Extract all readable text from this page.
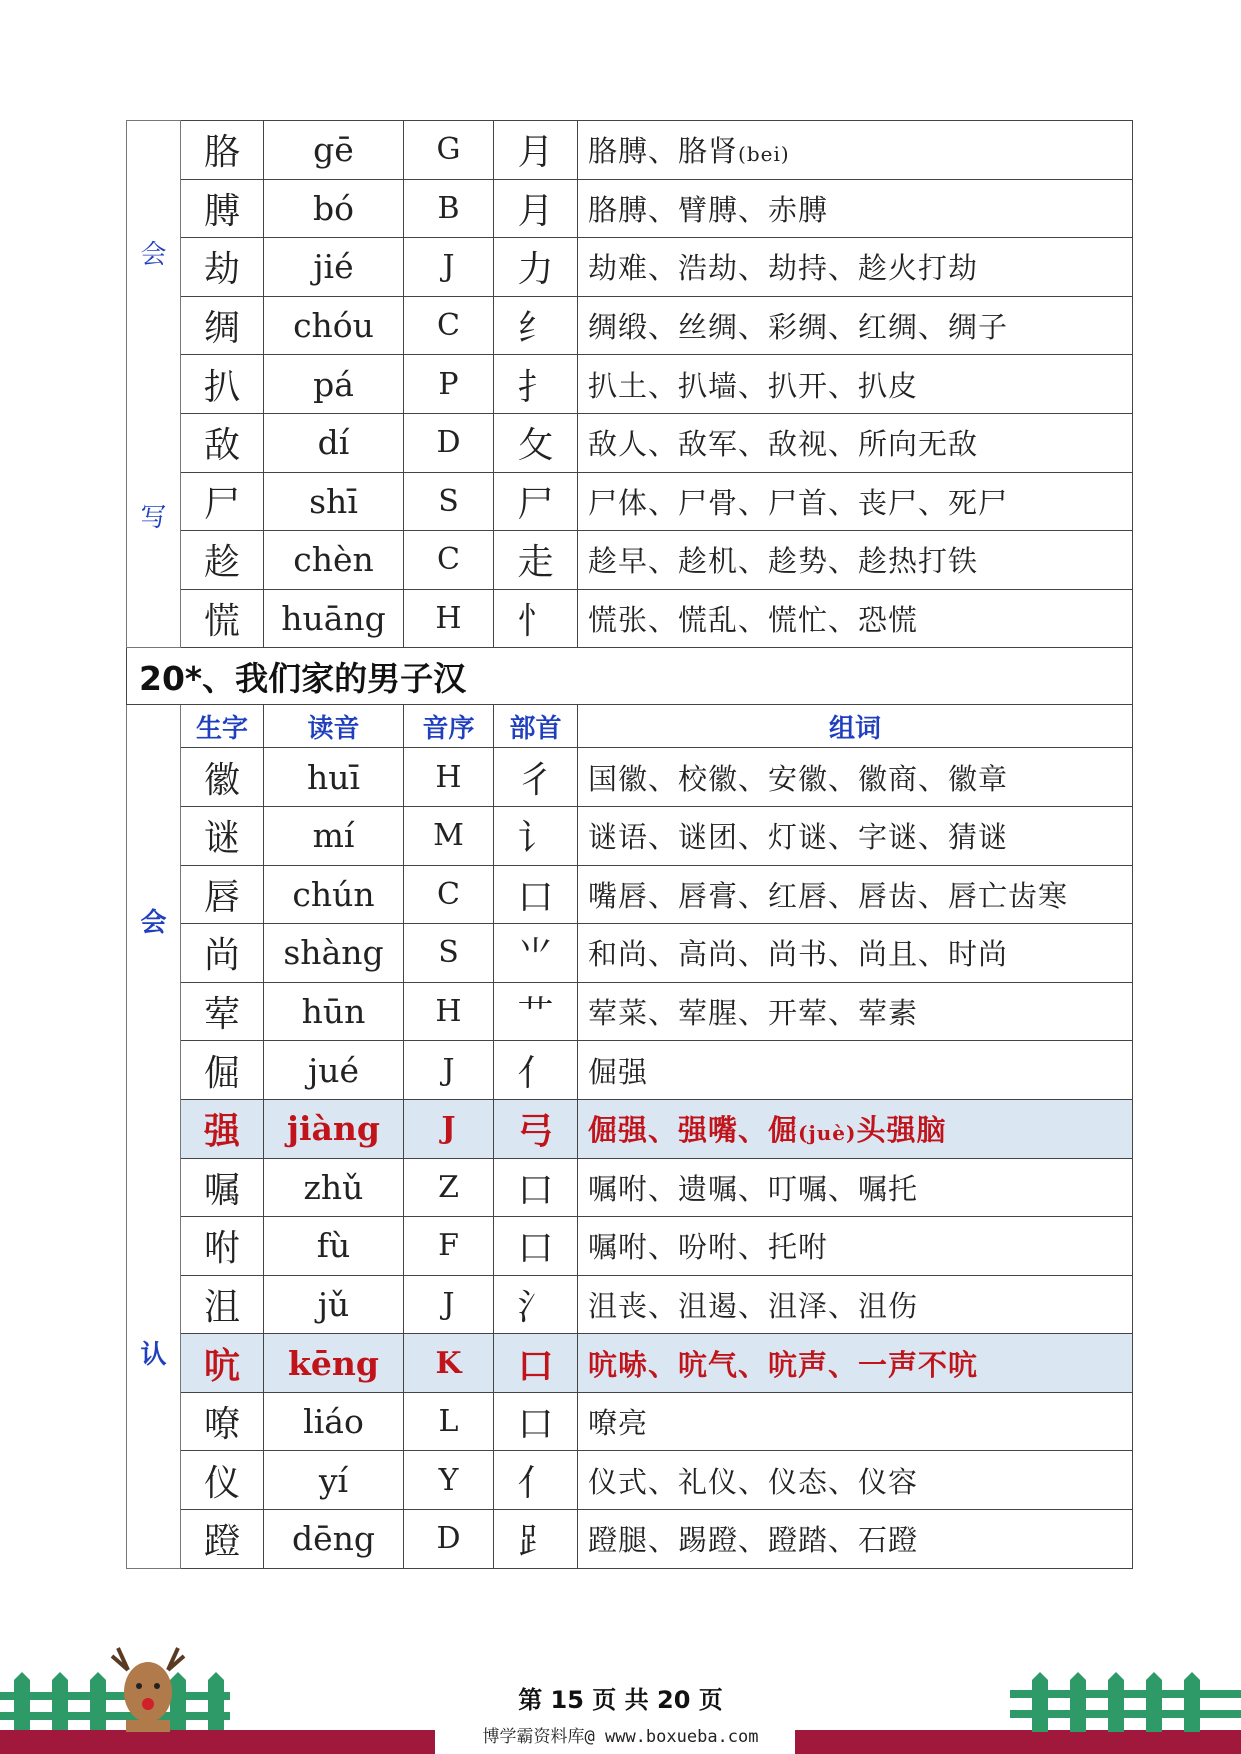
会
写	胳	gē	G	月	胳膊、胳肾(bei)
	膊	bó	B	月	胳膊、臂膊、赤膊
	劫	jié	J	力	劫难、浩劫、劫持、趁火打劫
	绸	chóu	C	纟	绸缎、丝绸、彩绸、红绸、绸子
	扒	pá	P	扌	扒土、扒墙、扒开、扒皮
	敌	dí	D	攵	敌人、敌军、敌视、所向无敌
	尸	shī	S	尸	尸体、尸骨、尸首、丧尸、死尸
	趁	chèn	C	走	趁早、趁机、趁势、趁热打铁
	慌	huāng	H	忄	慌张、慌乱、慌忙、恐慌
20*、我们家的男子汉					

会
认	生字	读音	音序	部首	组词
	徽	huī	H	彳	国徽、校徽、安徽、徽商、徽章
	谜	mí	M	讠	谜语、谜团、灯谜、字谜、猜谜
	唇	chún	C	口	嘴唇、唇膏、红唇、唇齿、唇亡齿寒
	尚	shàng	S	⺌	和尚、高尚、尚书、尚且、时尚
	荤	hūn	H	艹	荤菜、荤腥、开荤、荤素
	倔	jué	J	亻	倔强
	强	jiàng	J	弓	倔强、强嘴、倔(juè)头强脑
	嘱	zhǔ	Z	口	嘱咐、遗嘱、叮嘱、嘱托
	咐	fù	F	口	嘱咐、吩咐、托咐
	沮	jǔ	J	氵	沮丧、沮遏、沮泽、沮伤
	吭	kēng	K	口	吭哧、吭气、吭声、一声不吭
	嘹	liáo	L	口	嘹亮
	仪	yí	Y	亻	仪式、礼仪、仪态、仪容
	蹬	dēng	D	⻊	蹬腿、踢蹬、蹬踏、石蹬
第 15 页 共 20 页
博学霸资料库@ www.boxueba.com
